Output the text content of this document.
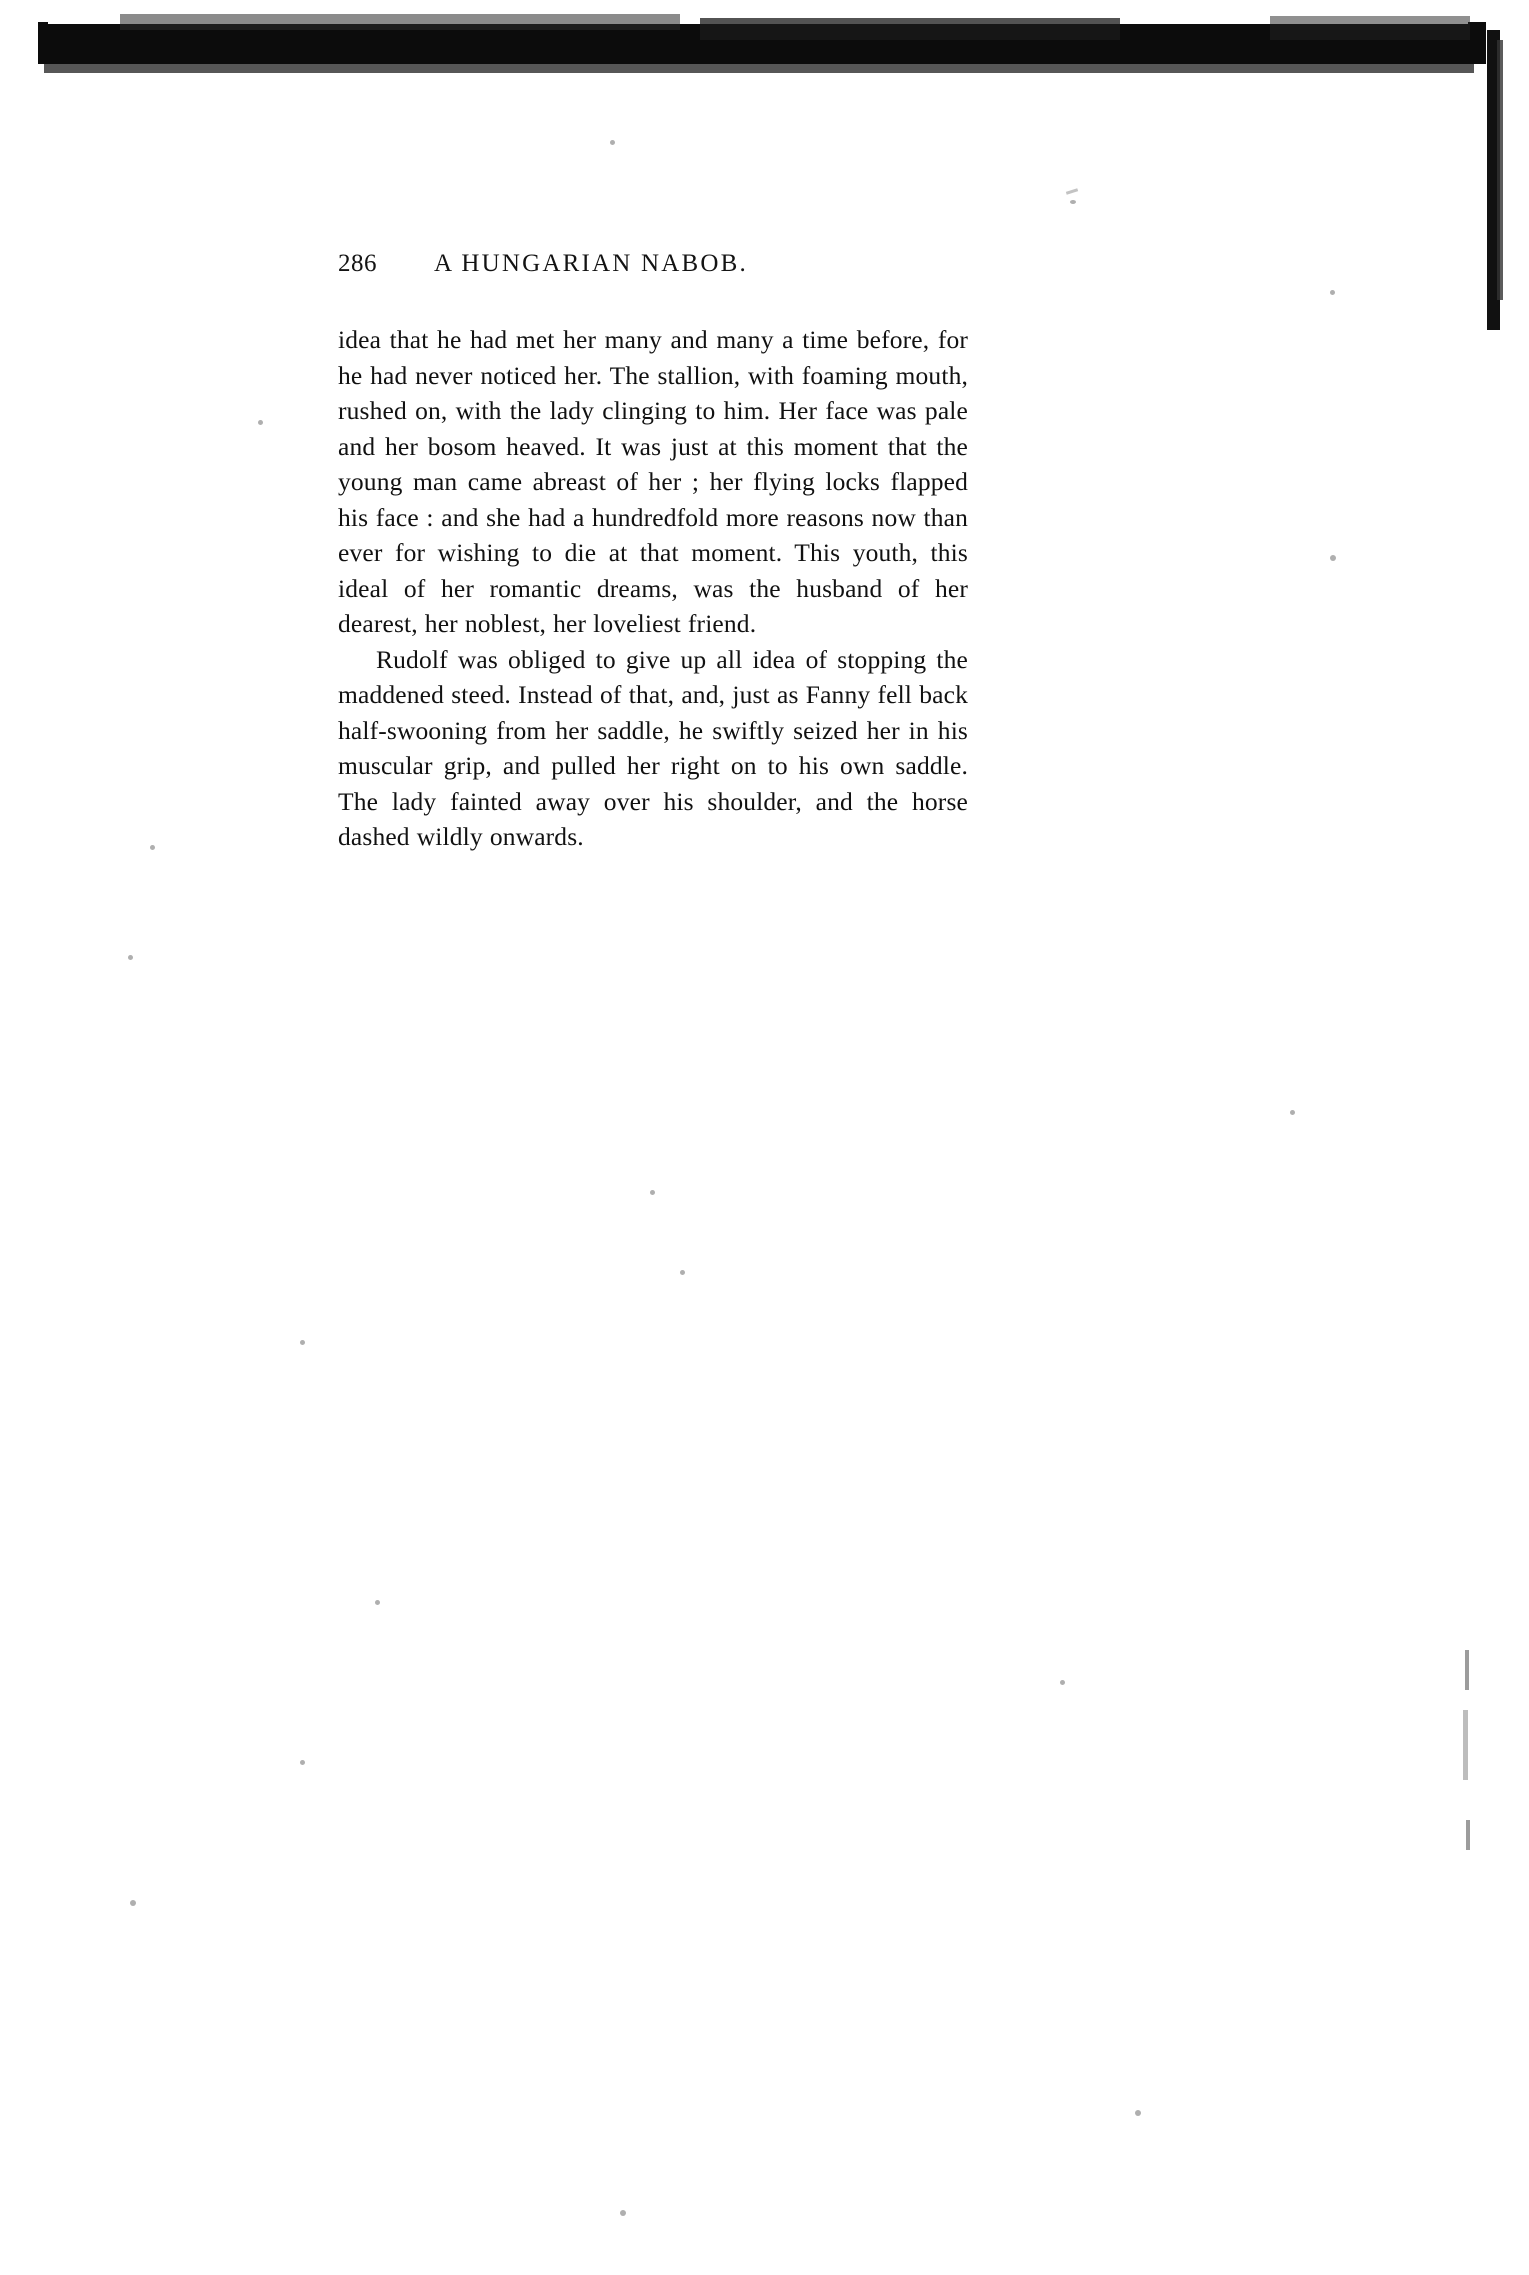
286	A HUNGARIAN NABOB.

idea that he had met her many and many a time before, for he had never noticed her. The stallion, with foaming mouth, rushed on, with the lady clinging to him. Her face was pale and her bosom heaved. It was just at this moment that the young man came abreast of her ; her flying locks flapped his face : and she had a hundredfold more reasons now than ever for wishing to die at that moment. This youth, this ideal of her romantic dreams, was the husband of her dearest, her noblest, her loveliest friend.

Rudolf was obliged to give up all idea of stopping the maddened steed. Instead of that, and, just as Fanny fell back half-swooning from her saddle, he swiftly seized her in his muscular grip, and pulled her right on to his own saddle. The lady fainted away over his shoulder, and the horse dashed wildly onwards.
